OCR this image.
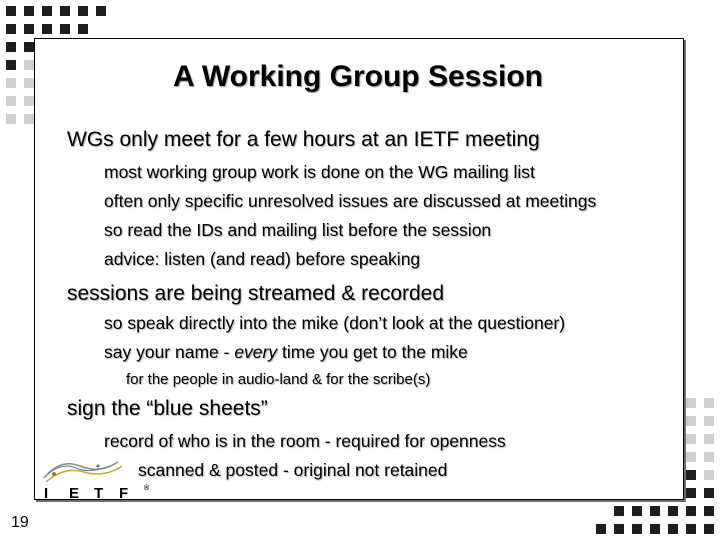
A Working Group Session
WGs only meet for a few hours at an IETF meeting
most working group work is done on the WG mailing list
often only specific unresolved issues are discussed at meetings
so read the IDs and mailing list before the session
advice: listen (and read) before speaking
sessions are being streamed & recorded
so speak directly into the mike (don’t look at the questioner)
say your name - every time you get to the mike
for the people in audio-land & for the scribe(s)
sign the “blue sheets”
record of who is in the room - required for openness
scanned & posted - original not retained
I E T F ®
19
